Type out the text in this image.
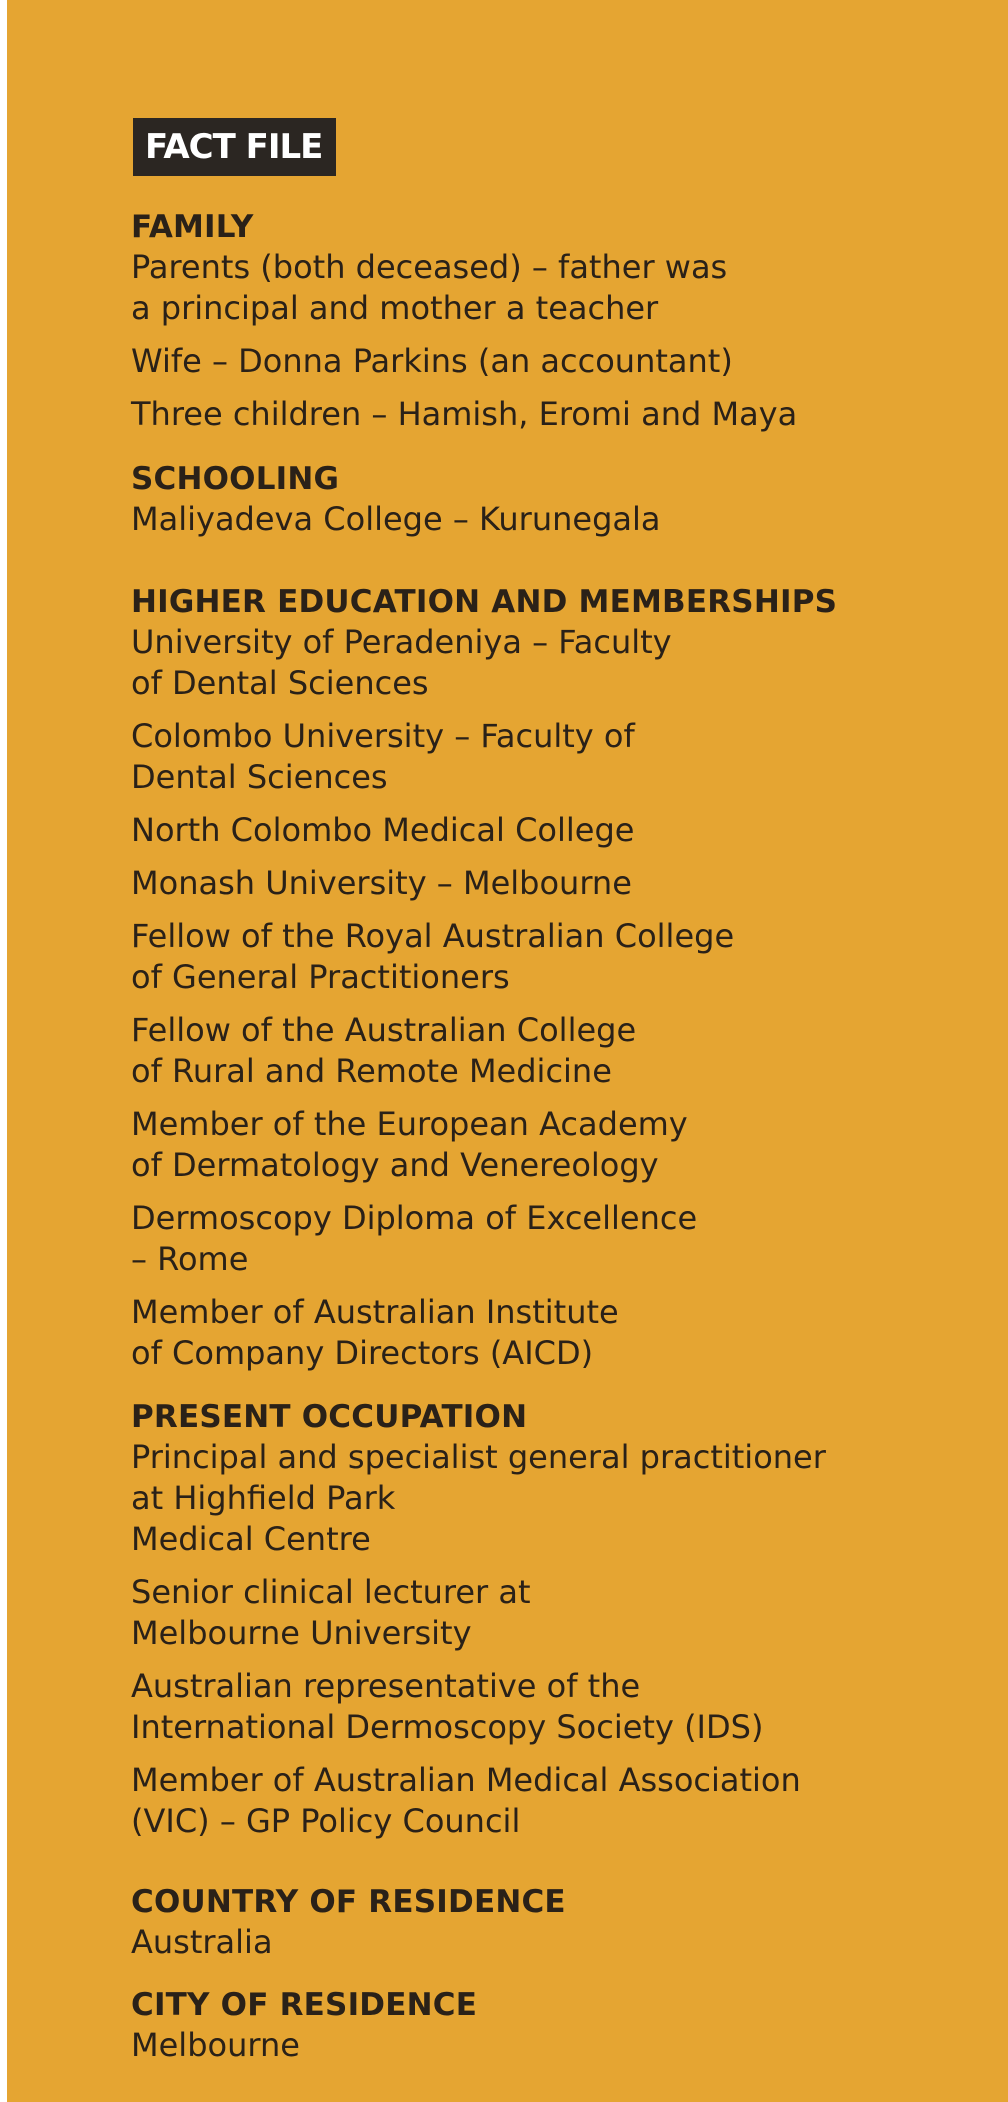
FACT FILE
FAMILY
Parents (both deceased) – father was
a principal and mother a teacher
Wife – Donna Parkins (an accountant)
Three children – Hamish, Eromi and Maya
SCHOOLING
Maliyadeva College – Kurunegala
HIGHER EDUCATION AND MEMBERSHIPS
University of Peradeniya – Faculty
of Dental Sciences
Colombo University – Faculty of
Dental Sciences
North Colombo Medical College
Monash University – Melbourne
Fellow of the Royal Australian College
of General Practitioners
Fellow of the Australian College
of Rural and Remote Medicine
Member of the European Academy
of Dermatology and Venereology
Dermoscopy Diploma of Excellence
– Rome
Member of Australian Institute
of Company Directors (AICD)
PRESENT OCCUPATION
Principal and specialist general practitioner
at Highfield Park
Medical Centre
Senior clinical lecturer at
Melbourne University
Australian representative of the
International Dermoscopy Society (IDS)
Member of Australian Medical Association
(VIC) – GP Policy Council
COUNTRY OF RESIDENCE
Australia
CITY OF RESIDENCE
Melbourne
